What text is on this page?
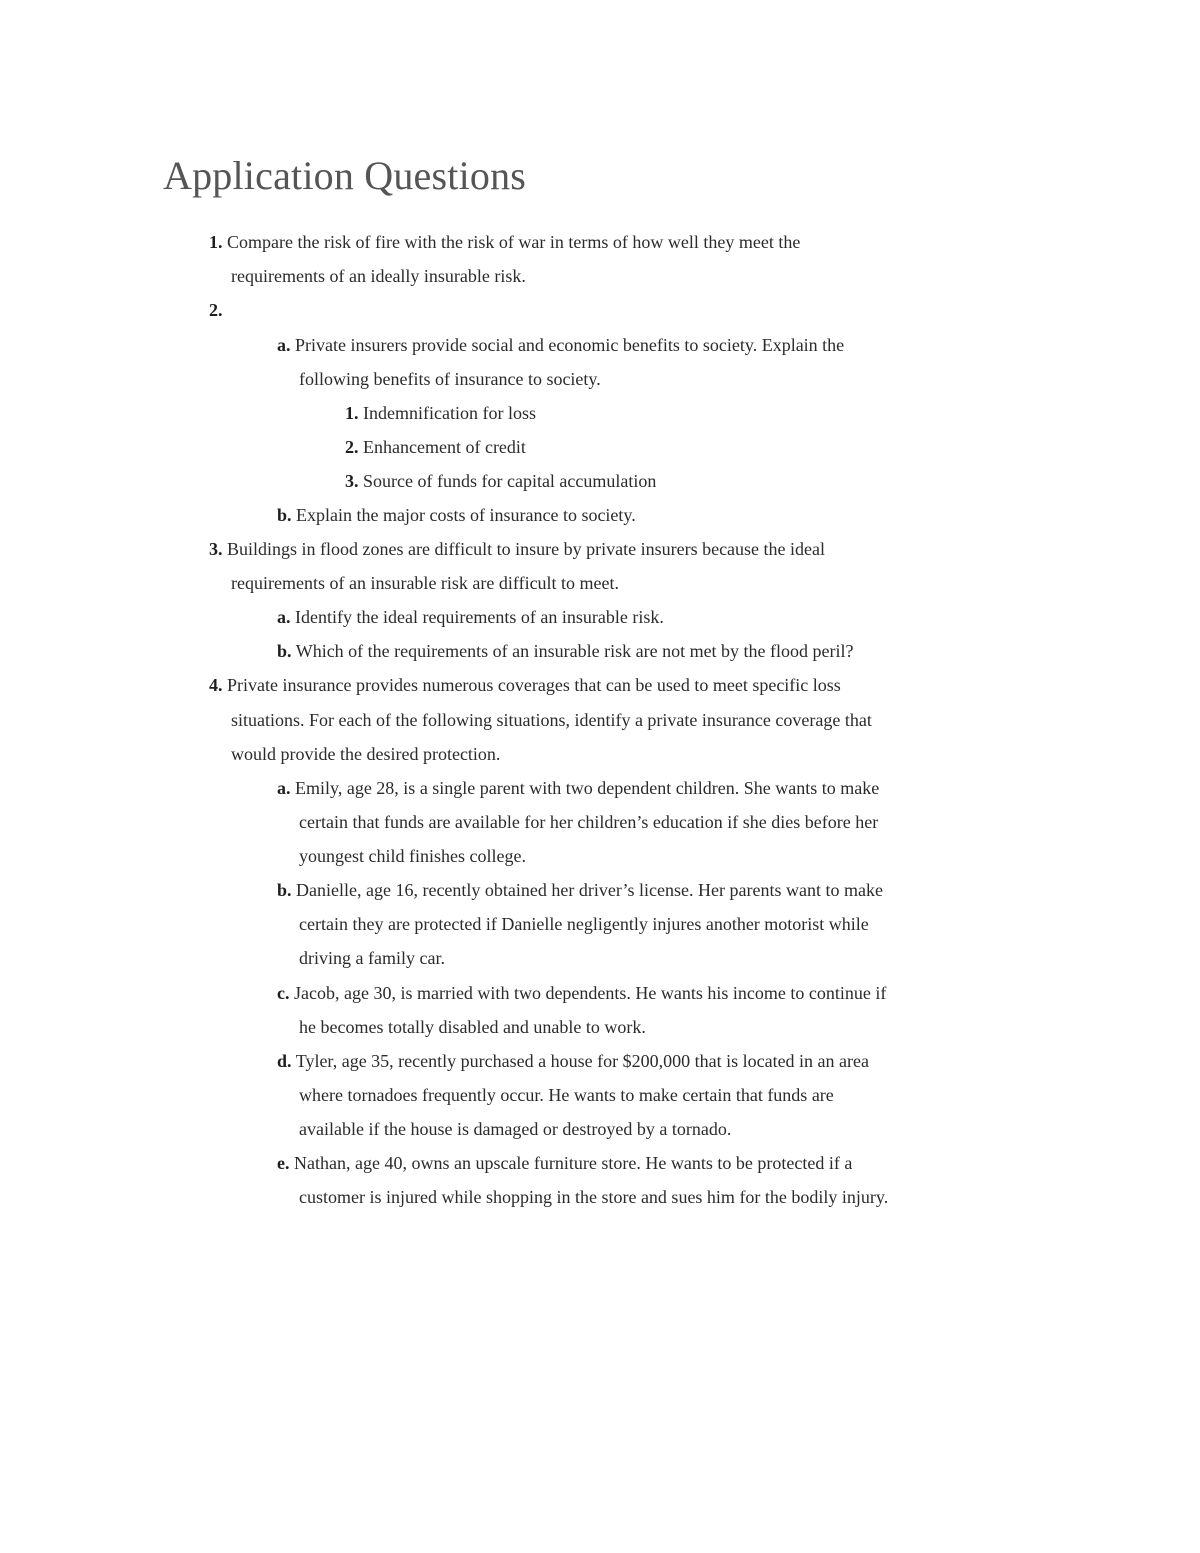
Application Questions

1. Compare the risk of fire with the risk of war in terms of how well they meet the

requirements of an ideally insurable risk.

2.

a. Private insurers provide social and economic benefits to society. Explain the

following benefits of insurance to society.

1. Indemnification for loss

2. Enhancement of credit

3. Source of funds for capital accumulation

b. Explain the major costs of insurance to society.

3. Buildings in flood zones are difficult to insure by private insurers because the ideal

requirements of an insurable risk are difficult to meet.

a. Identify the ideal requirements of an insurable risk.

b. Which of the requirements of an insurable risk are not met by the flood peril?

4. Private insurance provides numerous coverages that can be used to meet specific loss

situations. For each of the following situations, identify a private insurance coverage that

would provide the desired protection.

a. Emily, age 28, is a single parent with two dependent children. She wants to make

certain that funds are available for her children’s education if she dies before her

youngest child finishes college.

b. Danielle, age 16, recently obtained her driver’s license. Her parents want to make

certain they are protected if Danielle negligently injures another motorist while

driving a family car.

c. Jacob, age 30, is married with two dependents. He wants his income to continue if

he becomes totally disabled and unable to work.

d. Tyler, age 35, recently purchased a house for $200,000 that is located in an area

where tornadoes frequently occur. He wants to make certain that funds are

available if the house is damaged or destroyed by a tornado.

e. Nathan, age 40, owns an upscale furniture store. He wants to be protected if a

customer is injured while shopping in the store and sues him for the bodily injury.
